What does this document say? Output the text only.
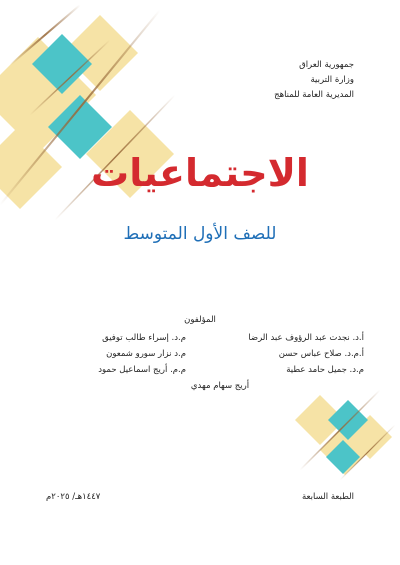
جمهورية العراق
وزارة التربية
المديرية العامة للمناهج
الاجتماعيات
للصف الأول المتوسط
المؤلفون
أ.د. نجدت عبد الرؤوف عبد الرضا
م.د. إسراء طالب توفيق
أ.م.د. صلاح عباس حسن
م.د نزار سورو شمعون
م.د. جميل حامد عطية
م.م. أريج اسماعيل حمود
أريج سهام مهدي
الطبعة السابعة
١٤٤٧هـ/ ٢٠٢٥م
